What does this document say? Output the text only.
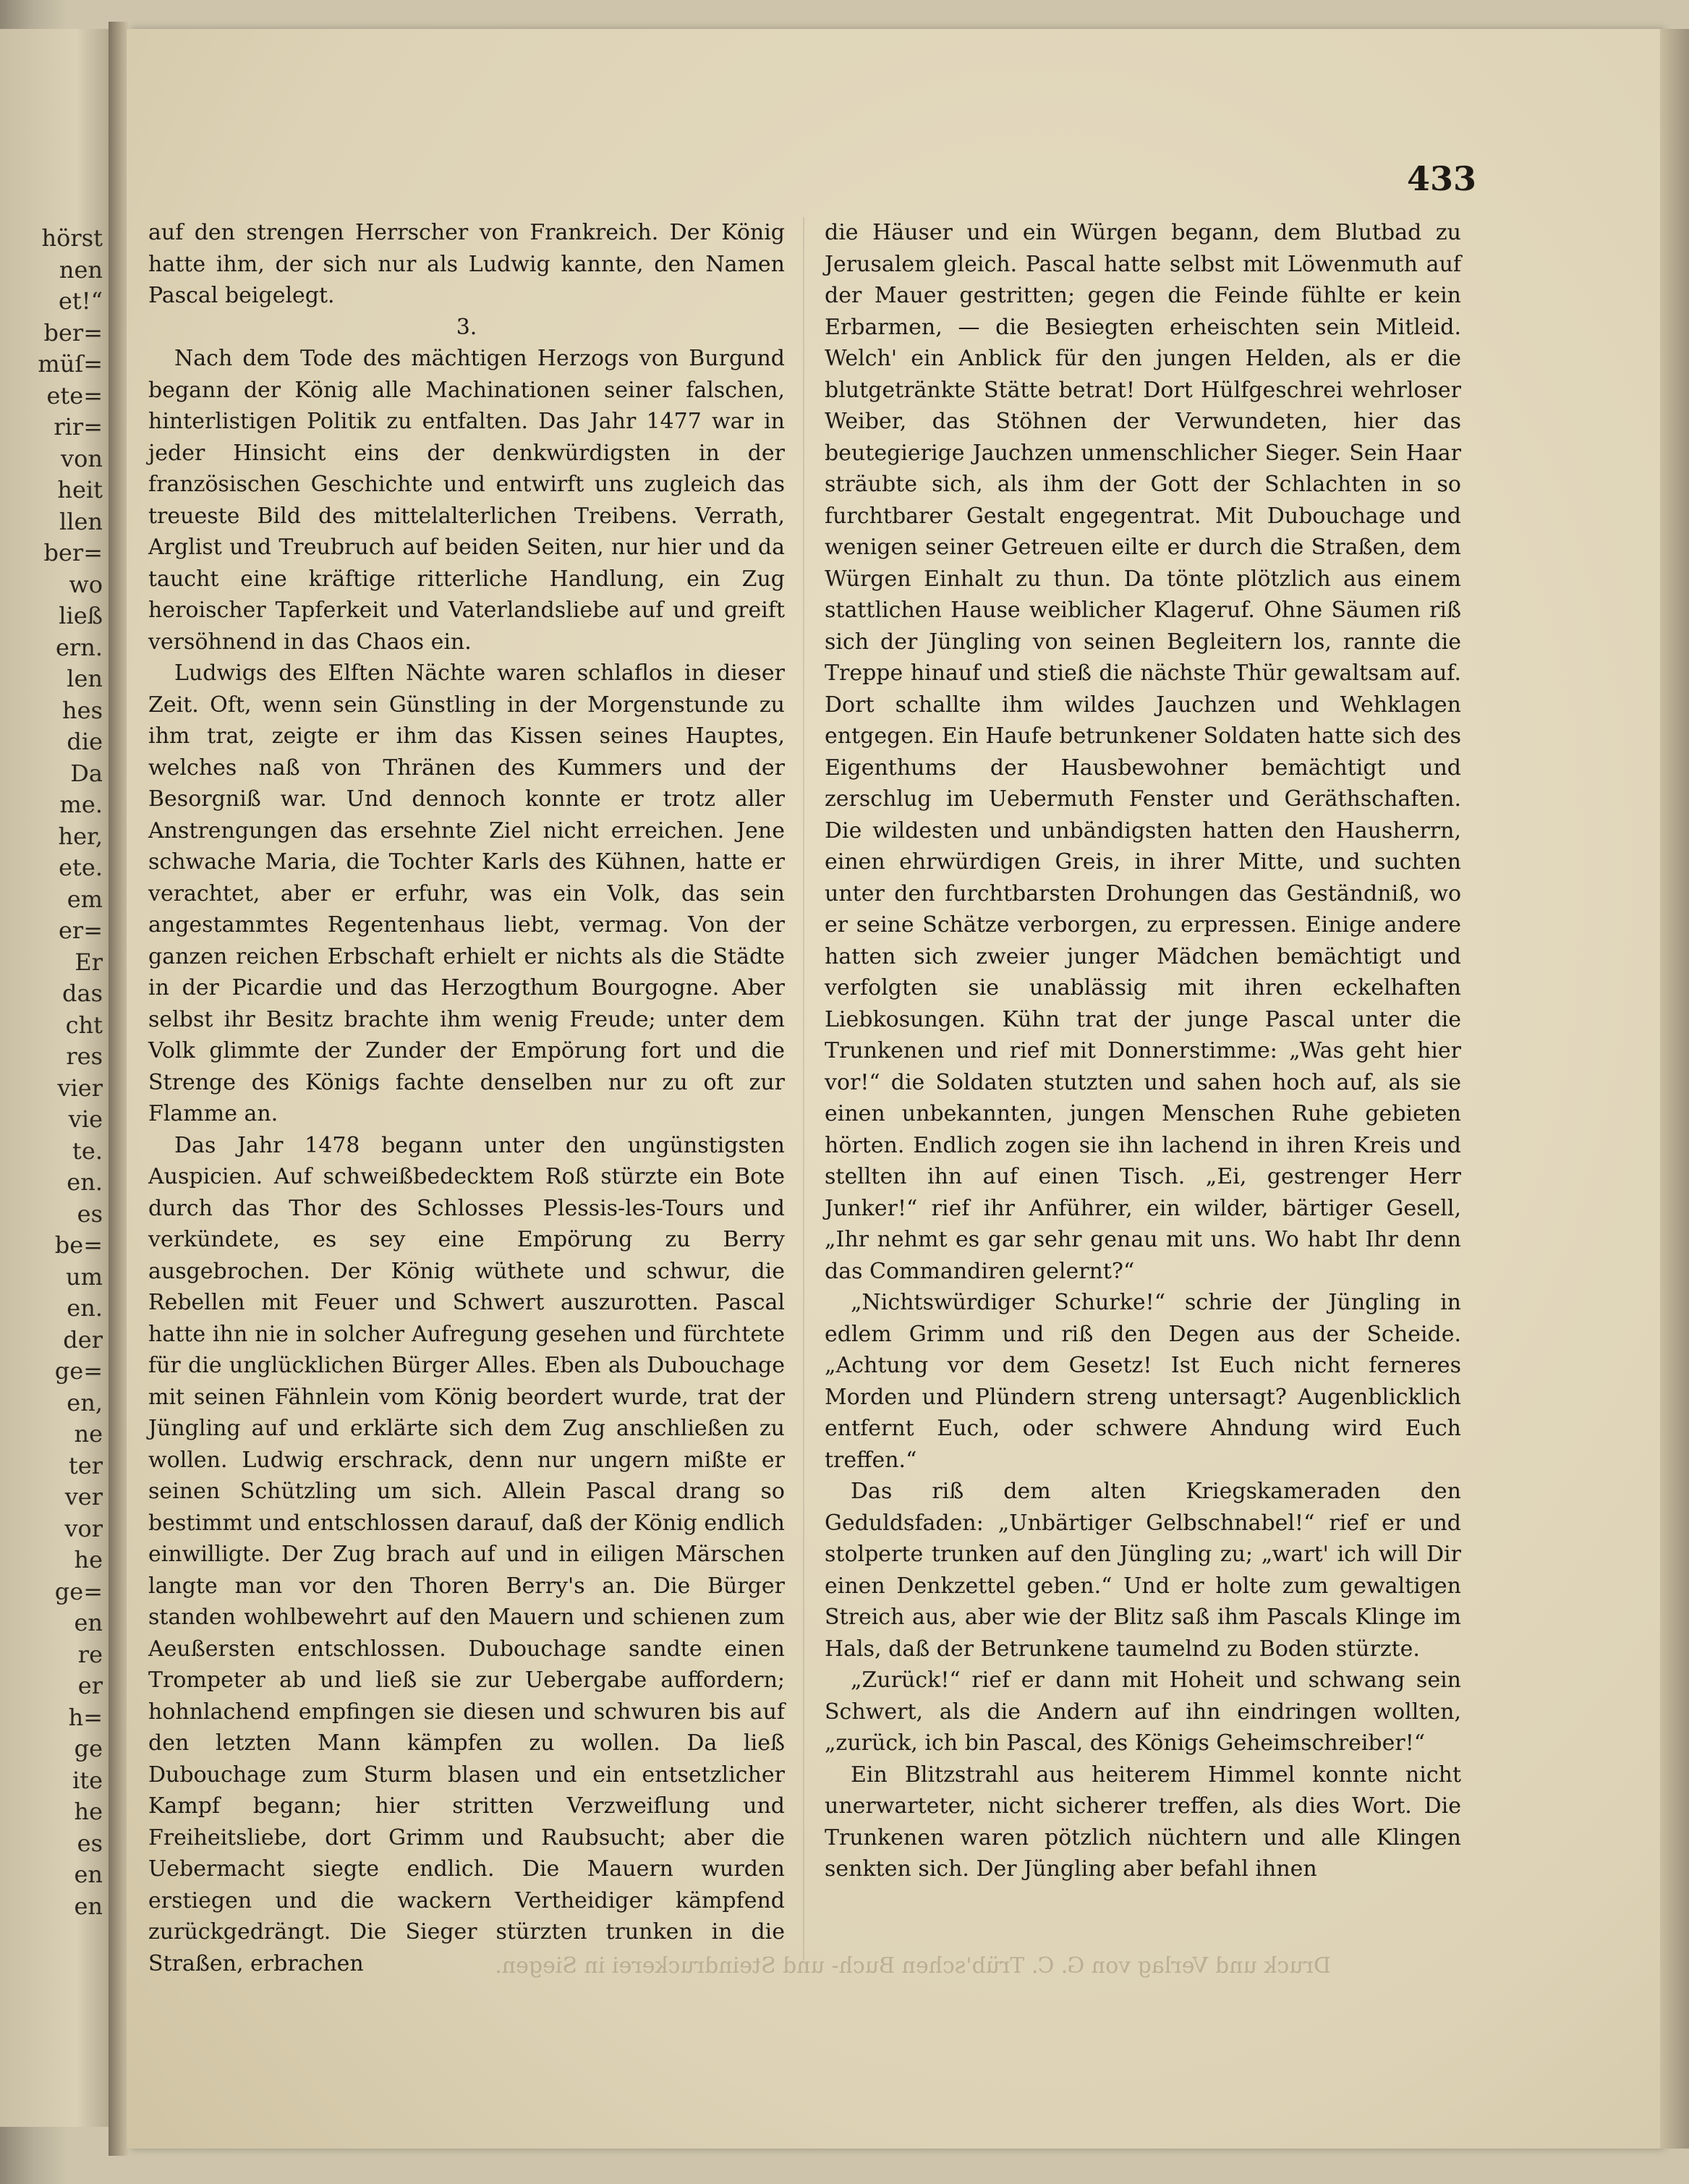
hörst
nen
et!“
ber=
müſ=
ete=
rir=
von
heit
llen
ber=
wo
ließ
ern.
len
hes
die
Da
me.
her,
ete.
em
er=
Er
das
cht
res
vier
vie
te.
en.
es
be=
um
en.
der
ge=
en,
ne
ter
ver
vor
he
ge=
en
re
er
h=
ge
ite
he
es
en
en
433

auf den strengen Herrscher von Frankreich. Der König hatte ihm, der sich nur als Ludwig kannte, den Namen Pascal beigelegt.

3.

Nach dem Tode des mächtigen Herzogs von Burgund begann der König alle Machinationen seiner falschen, hinterlistigen Politik zu entfalten. Das Jahr 1477 war in jeder Hinsicht eins der denkwürdigsten in der französischen Geschichte und entwirft uns zugleich das treueste Bild des mittelalterlichen Treibens. Verrath, Arglist und Treubruch auf beiden Seiten, nur hier und da taucht eine kräftige ritterliche Handlung, ein Zug heroischer Tapferkeit und Vaterlandsliebe auf und greift versöhnend in das Chaos ein.

Ludwigs des Elften Nächte waren schlaflos in dieser Zeit. Oft, wenn sein Günstling in der Morgenstunde zu ihm trat, zeigte er ihm das Kissen seines Hauptes, welches naß von Thränen des Kummers und der Besorgniß war. Und dennoch konnte er trotz aller Anstrengungen das ersehnte Ziel nicht erreichen. Jene schwache Maria, die Tochter Karls des Kühnen, hatte er verachtet, aber er erfuhr, was ein Volk, das sein angestammtes Regentenhaus liebt, vermag. Von der ganzen reichen Erbschaft erhielt er nichts als die Städte in der Picardie und das Herzogthum Bourgogne. Aber selbst ihr Besitz brachte ihm wenig Freude; unter dem Volk glimmte der Zunder der Empörung fort und die Strenge des Königs fachte denselben nur zu oft zur Flamme an.

Das Jahr 1478 begann unter den ungünstigsten Auspicien. Auf schweißbedecktem Roß stürzte ein Bote durch das Thor des Schlosses Plessis-les-Tours und verkündete, es sey eine Empörung zu Berry ausgebrochen. Der König wüthete und schwur, die Rebellen mit Feuer und Schwert auszurotten. Pascal hatte ihn nie in solcher Aufregung gesehen und fürchtete für die unglücklichen Bürger Alles. Eben als Dubouchage mit seinen Fähnlein vom König beordert wurde, trat der Jüngling auf und erklärte sich dem Zug anschließen zu wollen. Ludwig erschrack, denn nur ungern mißte er seinen Schützling um sich. Allein Pascal drang so bestimmt und entschlossen darauf, daß der König endlich einwilligte. Der Zug brach auf und in eiligen Märschen langte man vor den Thoren Berry's an. Die Bürger standen wohlbewehrt auf den Mauern und schienen zum Aeußersten entschlossen. Dubouchage sandte einen Trompeter ab und ließ sie zur Uebergabe auffordern; hohnlachend empfingen sie diesen und schwuren bis auf den letzten Mann kämpfen zu wollen. Da ließ Dubouchage zum Sturm blasen und ein entsetzlicher Kampf begann; hier stritten Verzweiflung und Freiheitsliebe, dort Grimm und Raubsucht; aber die Uebermacht siegte endlich. Die Mauern wurden erstiegen und die wackern Vertheidiger kämpfend zurückgedrängt. Die Sieger stürzten trunken in die Straßen, erbrachen

die Häuser und ein Würgen begann, dem Blutbad zu Jerusalem gleich. Pascal hatte selbst mit Löwenmuth auf der Mauer gestritten; gegen die Feinde fühlte er kein Erbarmen, — die Besiegten erheischten sein Mitleid. Welch' ein Anblick für den jungen Helden, als er die blutgetränkte Stätte betrat! Dort Hülfgeschrei wehrloser Weiber, das Stöhnen der Verwundeten, hier das beutegierige Jauchzen unmenschlicher Sieger. Sein Haar sträubte sich, als ihm der Gott der Schlachten in so furchtbarer Gestalt engegentrat. Mit Dubouchage und wenigen seiner Getreuen eilte er durch die Straßen, dem Würgen Einhalt zu thun. Da tönte plötzlich aus einem stattlichen Hause weiblicher Klageruf. Ohne Säumen riß sich der Jüngling von seinen Begleitern los, rannte die Treppe hinauf und stieß die nächste Thür gewaltsam auf. Dort schallte ihm wildes Jauchzen und Wehklagen entgegen. Ein Haufe betrunkener Soldaten hatte sich des Eigenthums der Hausbewohner bemächtigt und zerschlug im Uebermuth Fenster und Geräthschaften. Die wildesten und unbändigsten hatten den Hausherrn, einen ehrwürdigen Greis, in ihrer Mitte, und suchten unter den furchtbarsten Drohungen das Geständniß, wo er seine Schätze verborgen, zu erpressen. Einige andere hatten sich zweier junger Mädchen bemächtigt und verfolgten sie unablässig mit ihren eckelhaften Liebkosungen. Kühn trat der junge Pascal unter die Trunkenen und rief mit Donnerstimme: „Was geht hier vor!“ die Soldaten stutzten und sahen hoch auf, als sie einen unbekannten, jungen Menschen Ruhe gebieten hörten. Endlich zogen sie ihn lachend in ihren Kreis und stellten ihn auf einen Tisch. „Ei, gestrenger Herr Junker!“ rief ihr Anführer, ein wilder, bärtiger Gesell, „Ihr nehmt es gar sehr genau mit uns. Wo habt Ihr denn das Commandiren gelernt?“

„Nichtswürdiger Schurke!“ schrie der Jüngling in edlem Grimm und riß den Degen aus der Scheide. „Achtung vor dem Gesetz! Ist Euch nicht ferneres Morden und Plündern streng untersagt? Augenblicklich entfernt Euch, oder schwere Ahndung wird Euch treffen.“

Das riß dem alten Kriegskameraden den Geduldsfaden: „Unbärtiger Gelbschnabel!“ rief er und stolperte trunken auf den Jüngling zu; „wart' ich will Dir einen Denkzettel geben.“ Und er holte zum gewaltigen Streich aus, aber wie der Blitz saß ihm Pascals Klinge im Hals, daß der Betrunkene taumelnd zu Boden stürzte.

„Zurück!“ rief er dann mit Hoheit und schwang sein Schwert, als die Andern auf ihn eindringen wollten, „zurück, ich bin Pascal, des Königs Geheimschreiber!“

Ein Blitzstrahl aus heiterem Himmel konnte nicht unerwarteter, nicht sicherer treffen, als dies Wort. Die Trunkenen waren pötzlich nüchtern und alle Klingen senkten sich. Der Jüngling aber befahl ihnen

Druck und Verlag von G. C. Trüb'schen Buch- und Steindruckerei in Siegen.
